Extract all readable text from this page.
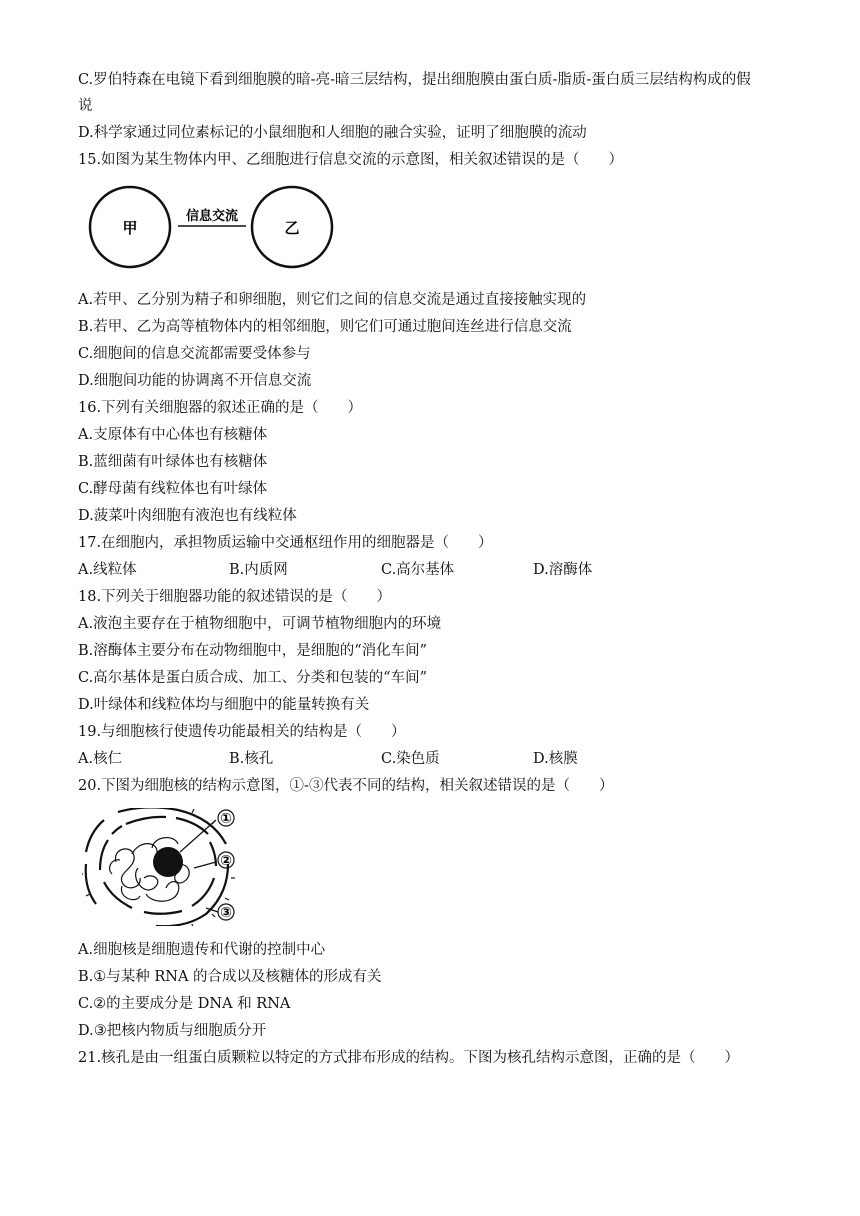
C.罗伯特森在电镜下看到细胞膜的暗-亮-暗三层结构，提出细胞膜由蛋白质-脂质-蛋白质三层结构构成的假
说
D.科学家通过同位素标记的小鼠细胞和人细胞的融合实验，证明了细胞膜的流动
15.如图为某生物体内甲、乙细胞进行信息交流的示意图，相关叙述错误的是（　　）
甲
信息交流
乙
A.若甲、乙分别为精子和卵细胞，则它们之间的信息交流是通过直接接触实现的
B.若甲、乙为高等植物体内的相邻细胞，则它们可通过胞间连丝进行信息交流
C.细胞间的信息交流都需要受体参与
D.细胞间功能的协调离不开信息交流
16.下列有关细胞器的叙述正确的是（　　）
A.支原体有中心体也有核糖体
B.蓝细菌有叶绿体也有核糖体
C.酵母菌有线粒体也有叶绿体
D.菠菜叶肉细胞有液泡也有线粒体
17.在细胞内，承担物质运输中交通枢纽作用的细胞器是（　　）
A.线粒体	B.内质网	C.高尔基体	D.溶酶体
18.下列关于细胞器功能的叙述错误的是（　　）
A.液泡主要存在于植物细胞中，可调节植物细胞内的环境
B.溶酶体主要分布在动物细胞中，是细胞的“消化车间”
C.高尔基体是蛋白质合成、加工、分类和包装的“车间”
D.叶绿体和线粒体均与细胞中的能量转换有关
19.与细胞核行使遗传功能最相关的结构是（　　）
A.核仁	B.核孔	C.染色质	D.核膜
20.下图为细胞核的结构示意图，①-③代表不同的结构，相关叙述错误的是（　　）
①
②
③
A.细胞核是细胞遗传和代谢的控制中心
B.①与某种 RNA 的合成以及核糖体的形成有关
C.②的主要成分是 DNA 和 RNA
D.③把核内物质与细胞质分开
21.核孔是由一组蛋白质颗粒以特定的方式排布形成的结构。下图为核孔结构示意图，正确的是（　　）
